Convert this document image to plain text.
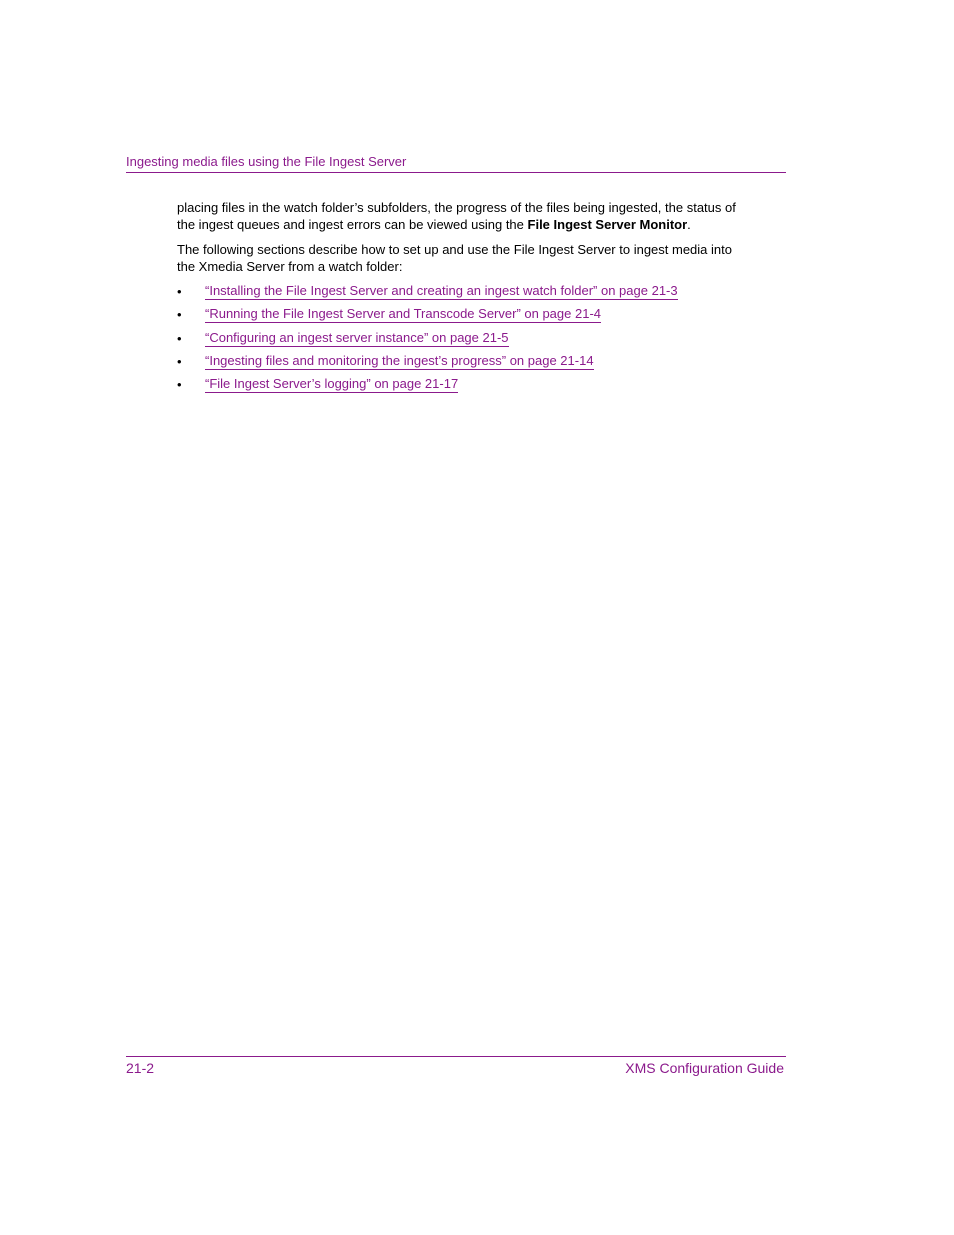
Ingesting media files using the File Ingest Server

placing files in the watch folder’s subfolders, the progress of the files being ingested, the status of the ingest queues and ingest errors can be viewed using the File Ingest Server Monitor.

The following sections describe how to set up and use the File Ingest Server to ingest media into the Xmedia Server from a watch folder:

• “Installing the File Ingest Server and creating an ingest watch folder” on page 21-3
• “Running the File Ingest Server and Transcode Server” on page 21-4
• “Configuring an ingest server instance” on page 21-5
• “Ingesting files and monitoring the ingest’s progress” on page 21-14
• “File Ingest Server’s logging” on page 21-17
21-2	XMS Configuration Guide
